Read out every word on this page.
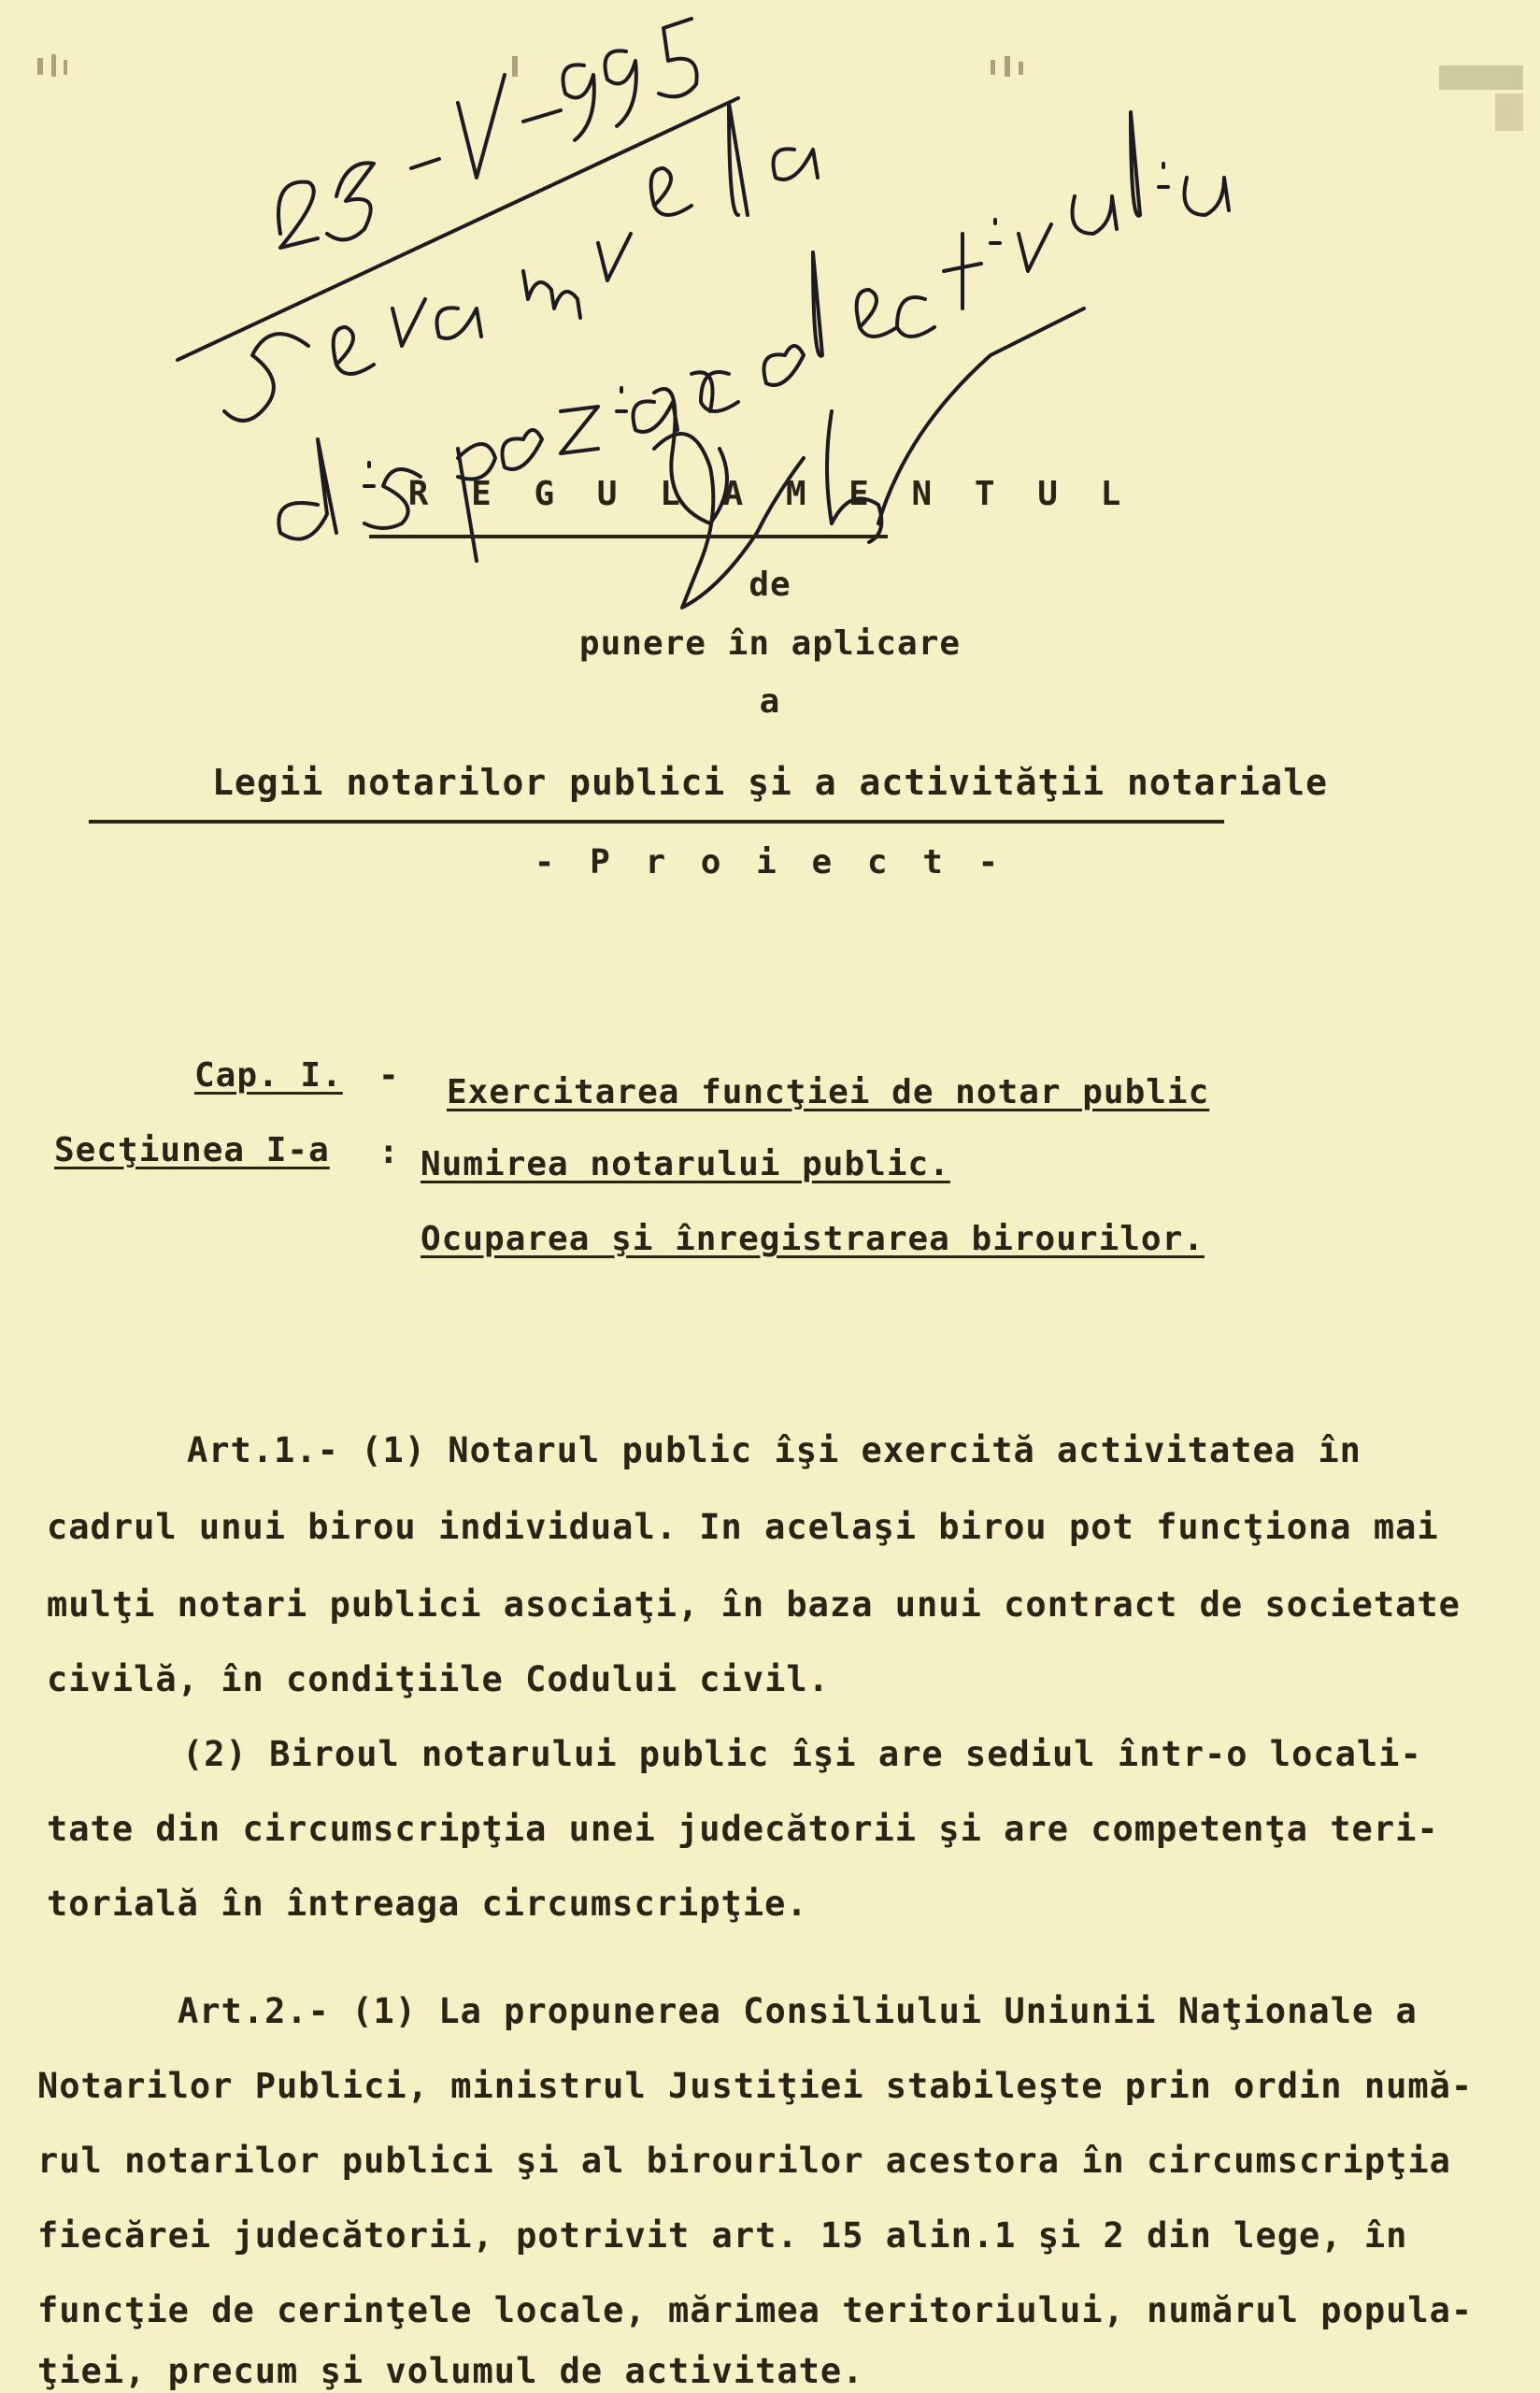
R E G U L A M E N T U L
de
punere în aplicare
a
Legii notarilor publici şi a activităţii notariale
- P r o i e c t -
Cap. I. - Exercitarea funcţiei de notar public
Secţiunea I-a : Numirea notarului public.
Ocuparea şi înregistrarea birourilor.
Art.1.- (1) Notarul public îşi exercită activitatea în
cadrul unui birou individual. In acelaşi birou pot funcţiona mai
mulţi notari publici asociaţi, în baza unui contract de societate
civilă, în condiţiile Codului civil.
(2) Biroul notarului public îşi are sediul într-o locali-
tate din circumscripţia unei judecătorii şi are competenţa teri-
torială în întreaga circumscripţie.
Art.2.- (1) La propunerea Consiliului Uniunii Naţionale a
Notarilor Publici, ministrul Justiţiei stabileşte prin ordin numă-
rul notarilor publici şi al birourilor acestora în circumscripţia
fiecărei judecătorii, potrivit art. 15 alin.1 şi 2 din lege, în
funcţie de cerinţele locale, mărimea teritoriului, numărul popula-
ţiei, precum şi volumul de activitate.
